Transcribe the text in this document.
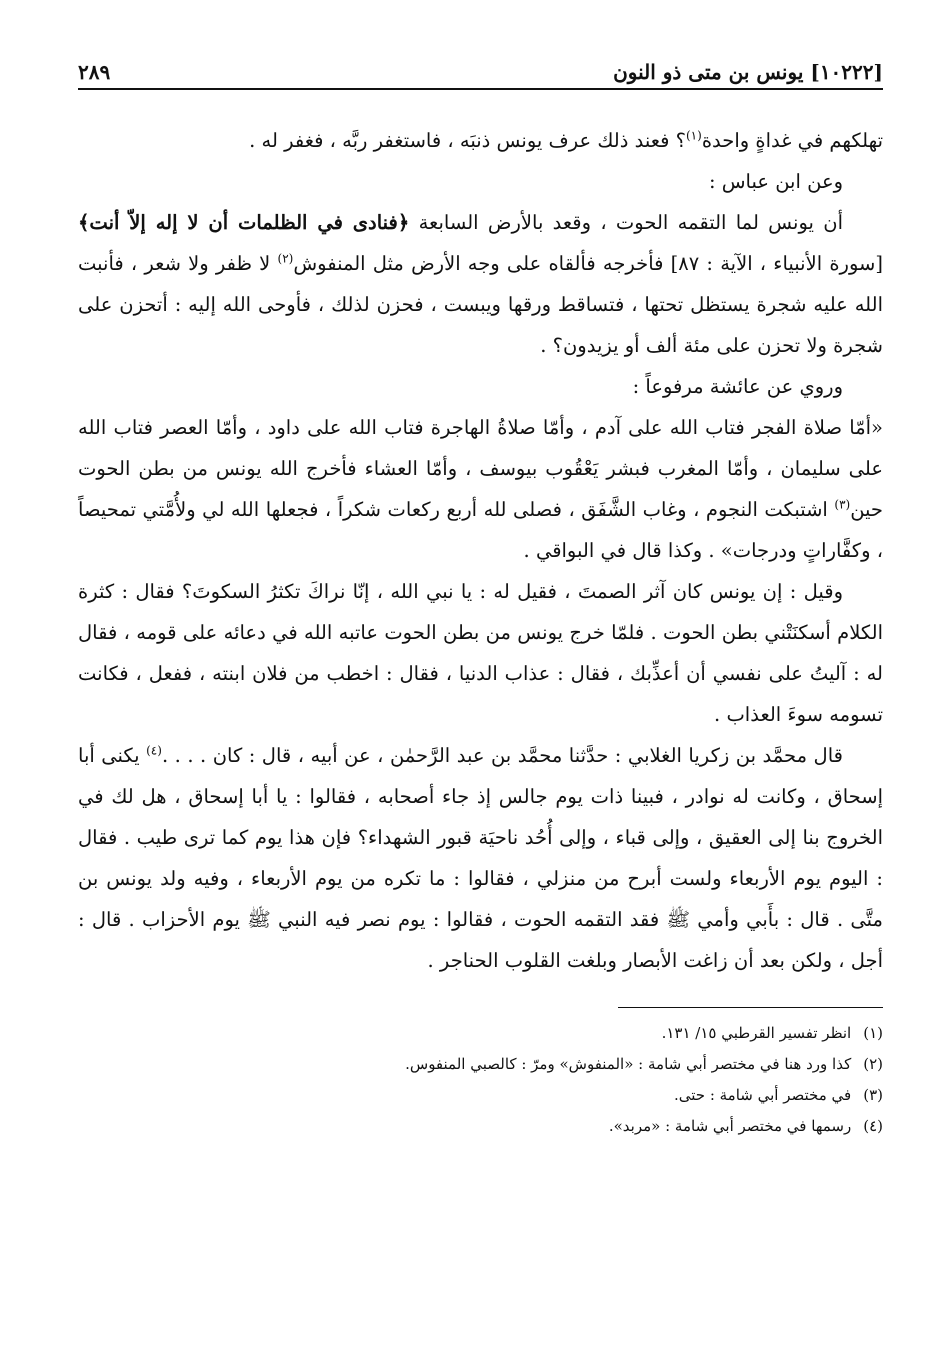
[١٠٢٢٢] يونس بن متى ذو النون
٢٨٩

تهلكهم في غداةٍ واحدة$^{(١)}$؟ فعند ذلك عرف يونس ذنبَه ، فاستغفر ربَّه ، فغفر له .

وعن ابن عباس :

أن يونس لما التقمه الحوت ، وقعد بالأرض السابعة ﴿فنادى في الظلمات أن لا إله إلاّ أنت﴾ [سورة الأنبياء ، الآية : ٨٧] فأخرجه فألقاه على وجه الأرض مثل المنفوش$^{(٢)}$ لا ظفر ولا شعر ، فأنبت الله عليه شجرة يستظل تحتها ، فتساقط ورقها ويبست ، فحزن لذلك ، فأوحى الله إليه : أتحزن على شجرة ولا تحزن على مئة ألف أو يزيدون؟ .

وروي عن عائشة مرفوعاً :

«أمّا صلاة الفجر فتاب الله على آدم ، وأمّا صلاةُ الهاجرة فتاب الله على داود ، وأمّا العصر فتاب الله على سليمان ، وأمّا المغرب فبشر يَعْقُوب بيوسف ، وأمّا العشاء فأخرج الله يونس من بطن الحوت حين$^{(٣)}$ اشتبكت النجوم ، وغاب الشَّفَق ، فصلى لله أربع ركعات شكراً ، فجعلها الله لي ولأُمَّتي تمحيصاً ، وكفَّاراتٍ ودرجات» . وكذا قال في البواقي .

وقيل : إن يونس كان آثر الصمتَ ، فقيل له : يا نبي الله ، إنّا نراكَ تكثرُ السكوتَ؟ فقال : كثرة الكلام أسكنَتْني بطن الحوت . فلمّا خرج يونس من بطن الحوت عاتبه الله في دعائه على قومه ، فقال له : آليتُ على نفسي أن أعذِّبك ، فقال : عذاب الدنيا ، فقال : اخطب من فلان ابنته ، ففعل ، فكانت تسومه سوءَ العذاب .

قال محمَّد بن زكريا الغلابي : حدَّثنا محمَّد بن عبد الرَّحمٰن ، عن أبيه ، قال : كان . . . .$^{(٤)}$ يكنى أبا إسحاق ، وكانت له نوادر ، فبينا ذات يوم جالس إذ جاء أصحابه ، فقالوا : يا أبا إسحاق ، هل لك في الخروج بنا إلى العقيق ، وإلى قباء ، وإلى أُحُد ناحيَة قبور الشهداء؟ فإن هذا يوم كما ترى طيب . فقال : اليوم يوم الأربعاء ولست أبرح من منزلي ، فقالوا : ما تكره من يوم الأربعاء ، وفيه ولد يونس بن متَّى . قال : بأَبي وأمي ﷺ فقد التقمه الحوت ، فقالوا : يوم نصر فيه النبي ﷺ يوم الأحزاب . قال : أجل ، ولكن بعد أن زاغت الأبصار وبلغت القلوب الحناجر .

(١)انظر تفسير القرطبي ١٥/ ١٣١.
(٢)كذا ورد هنا في مختصر أبي شامة : «المنفوش» ومرّ : كالصبي المنفوس.
(٣)في مختصر أبي شامة : حتى.
(٤)رسمها في مختصر أبي شامة : «مربد».
